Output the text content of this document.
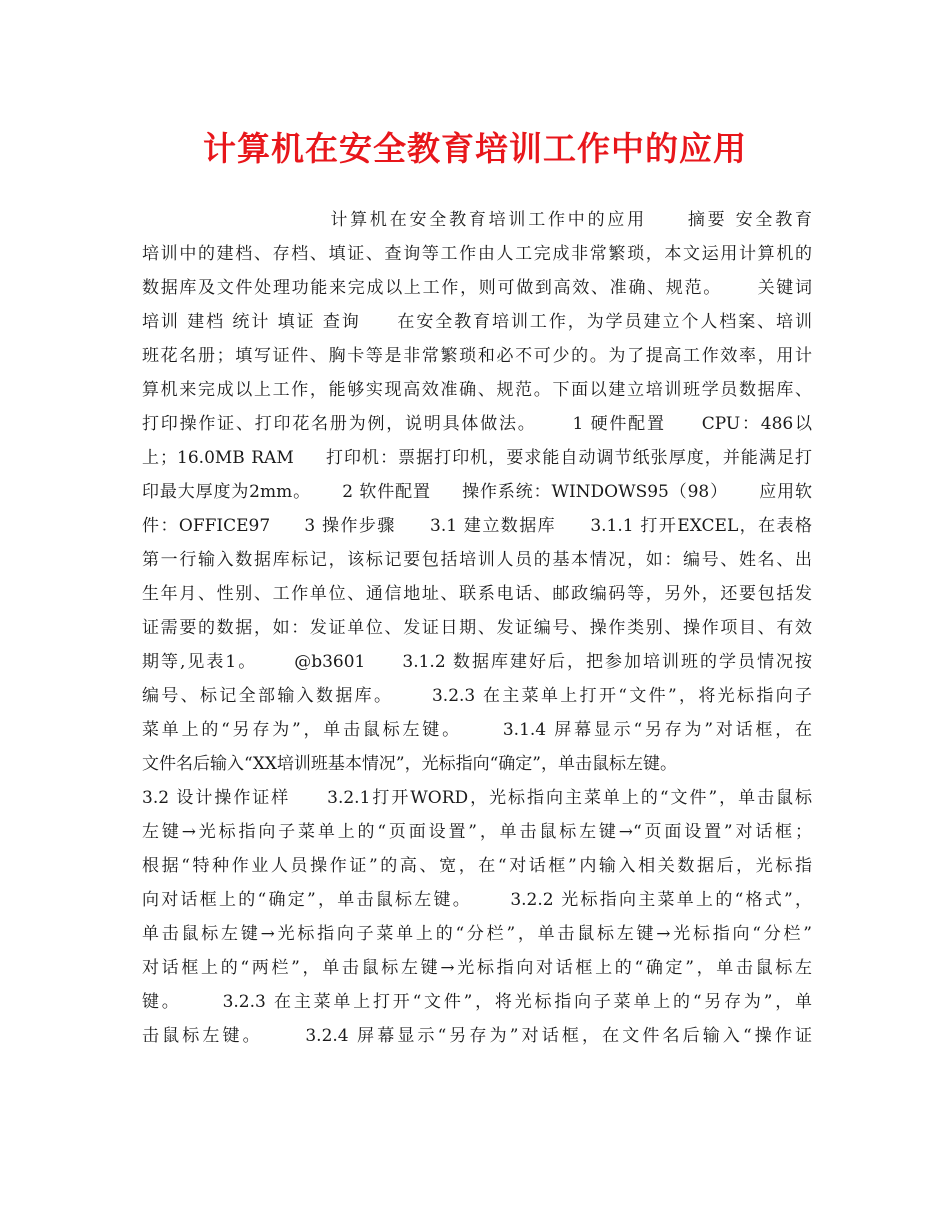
计算机在安全教育培训工作中的应用
计算机在安全教育培训工作中的应用     摘要 安全教育
培训中的建档、存档、填证、查询等工作由人工完成非常繁琐，本文运用计算机的
数据库及文件处理功能来完成以上工作，则可做到高效、准确、规范。     关键词
培训 建档 统计 填证 查询     在安全教育培训工作，为学员建立个人档案、培训
班花名册；填写证件、胸卡等是非常繁琐和必不可少的。为了提高工作效率，用计
算机来完成以上工作，能够实现高效准确、规范。下面以建立培训班学员数据库、
打印操作证、打印花名册为例，说明具体做法。     1 硬件配置     CPU：486以
上；16.0MB RAM     打印机：票据打印机，要求能自动调节纸张厚度，并能满足打
印最大厚度为2mm。     2 软件配置     操作系统：WINDOWS95（98）     应用软
件：OFFICE97     3 操作步骤     3.1 建立数据库     3.1.1 打开EXCEL，在表格
第一行输入数据库标记，该标记要包括培训人员的基本情况，如：编号、姓名、出
生年月、性别、工作单位、通信地址、联系电话、邮政编码等，另外，还要包括发
证需要的数据，如：发证单位、发证日期、发证编号、操作类别、操作项目、有效
期等,见表1。     @b3601     3.1.2 数据库建好后，把参加培训班的学员情况按
编号、标记全部输入数据库。     3.2.3 在主菜单上打开“文件”，将光标指向子
菜单上的“另存为”，单击鼠标左键。     3.1.4 屏幕显示“另存为”对话框，在
文件名后输入“XX培训班基本情况”，光标指向“确定”，单击鼠标左键。
3.2 设计操作证样     3.2.1打开WORD，光标指向主菜单上的“文件”，单击鼠标
左键→光标指向子菜单上的“页面设置”，单击鼠标左键→“页面设置”对话框；
根据“特种作业人员操作证”的高、宽，在“对话框”内输入相关数据后，光标指
向对话框上的“确定”，单击鼠标左键。     3.2.2 光标指向主菜单上的“格式”，
单击鼠标左键→光标指向子菜单上的“分栏”，单击鼠标左键→光标指向“分栏”
对话框上的“两栏”，单击鼠标左键→光标指向对话框上的“确定”，单击鼠标左
键。     3.2.3 在主菜单上打开“文件”，将光标指向子菜单上的“另存为”，单
击鼠标左键。     3.2.4 屏幕显示“另存为”对话框，在文件名后输入“操作证
